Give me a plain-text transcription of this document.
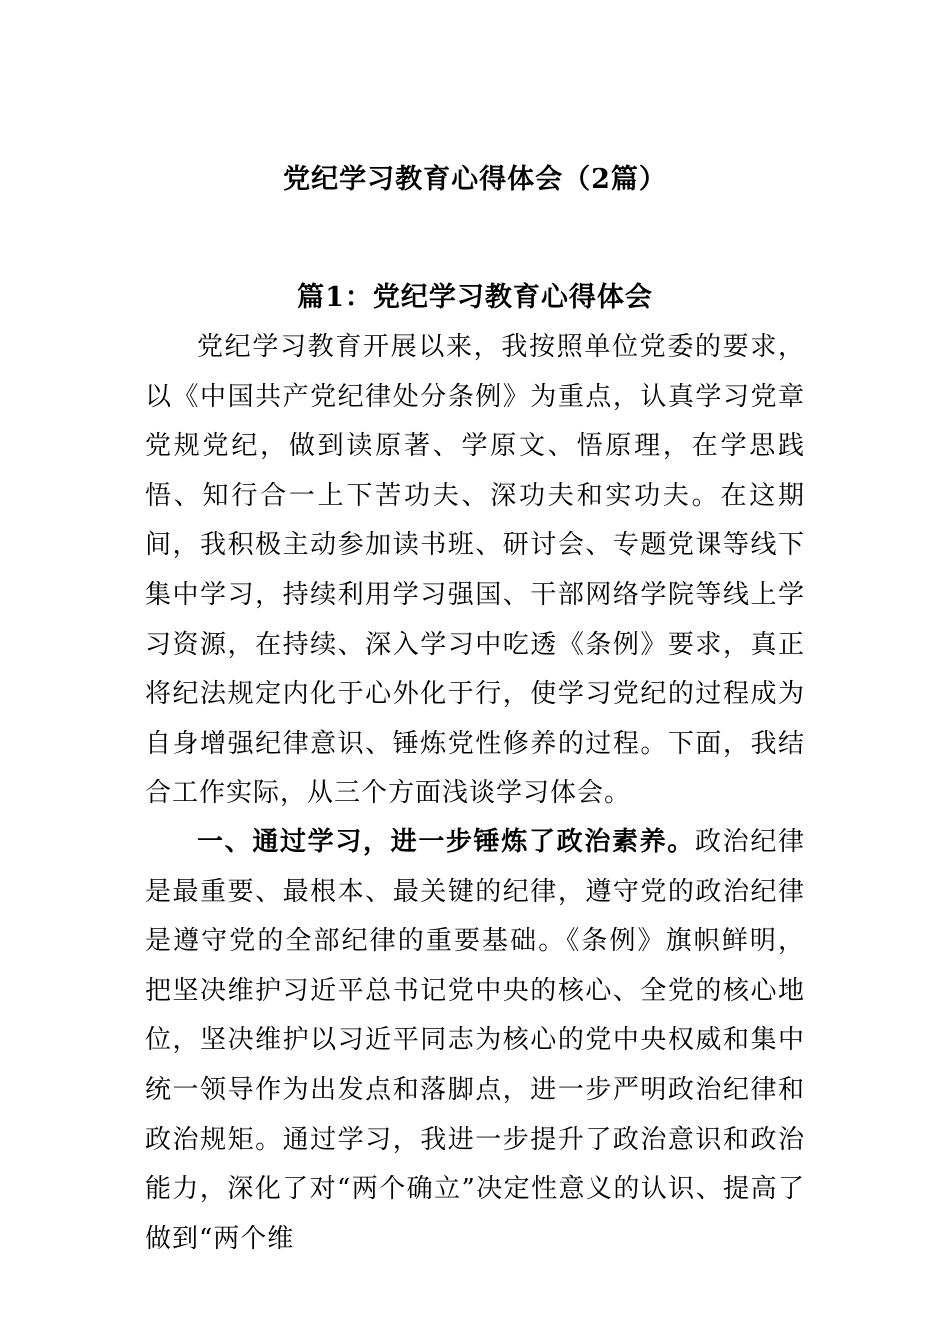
党纪学习教育心得体会（2篇）
篇1：党纪学习教育心得体会

党纪学习教育开展以来，我按照单位党委的要求，以《中国共产党纪律处分条例》为重点，认真学习党章党规党纪，做到读原著、学原文、悟原理，在学思践悟、知行合一上下苦功夫、深功夫和实功夫。在这期间，我积极主动参加读书班、研讨会、专题党课等线下集中学习，持续利用学习强国、干部网络学院等线上学习资源，在持续、深入学习中吃透《条例》要求，真正将纪法规定内化于心外化于行，使学习党纪的过程成为自身增强纪律意识、锤炼党性修养的过程。下面，我结合工作实际，从三个方面浅谈学习体会。

一、通过学习，进一步锤炼了政治素养。政治纪律是最重要、最根本、最关键的纪律，遵守党的政治纪律是遵守党的全部纪律的重要基础。《条例》旗帜鲜明，把坚决维护习近平总书记党中央的核心、全党的核心地位，坚决维护以习近平同志为核心的党中央权威和集中统一领导作为出发点和落脚点，进一步严明政治纪律和政治规矩。通过学习，我进一步提升了政治意识和政治能力，深化了对“两个确立”决定性意义的认识、提高了做到“两个维
